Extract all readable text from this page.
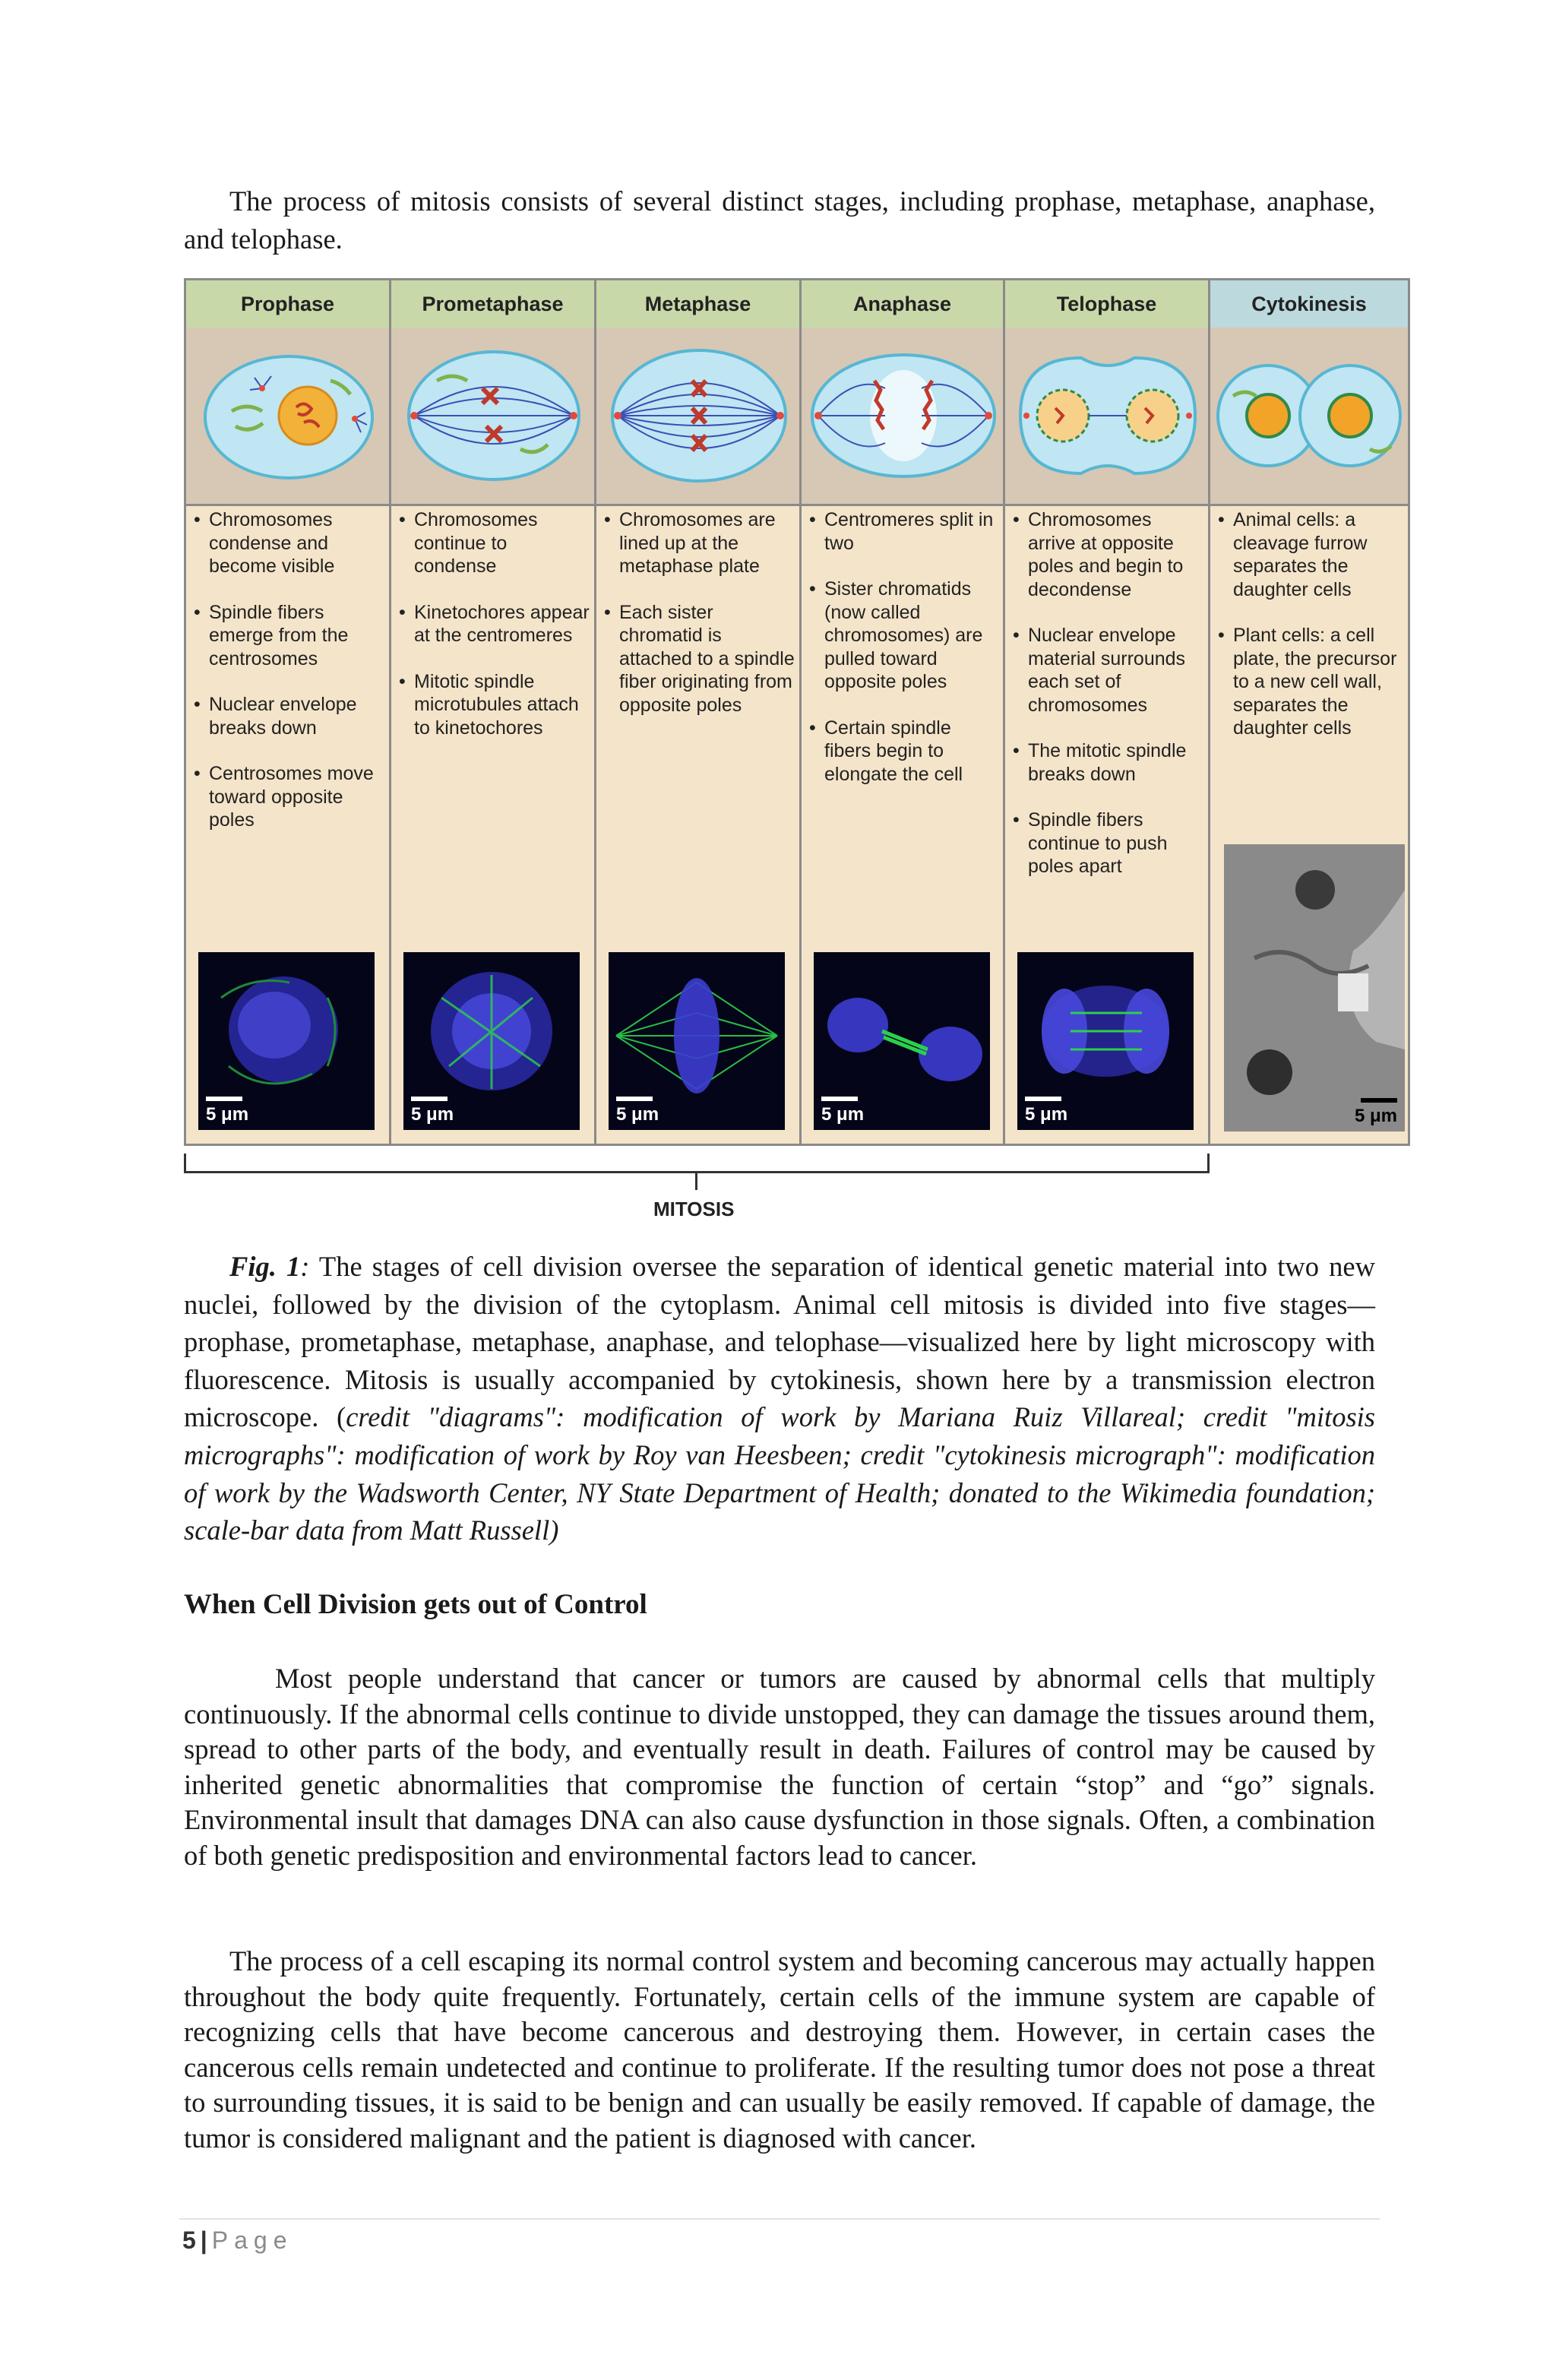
The process of mitosis consists of several distinct stages, including prophase, metaphase, anaphase, and telophase.

Prophase
• Chromosomes condense and become visible
• Spindle fibers emerge from the centrosomes
• Nuclear envelope breaks down
• Centrosomes move toward opposite poles
5 μm
Prometaphase
• Chromosomes continue to condense
• Kinetochores appear at the centromeres
• Mitotic spindle microtubules attach to kinetochores
5 μm
Metaphase
• Chromosomes are lined up at the metaphase plate
• Each sister chromatid is attached to a spindle fiber originating from opposite poles
5 μm
Anaphase
• Centromeres split in two
• Sister chromatids (now called chromosomes) are pulled toward opposite poles
• Certain spindle fibers begin to elongate the cell
5 μm
Telophase
• Chromosomes arrive at opposite poles and begin to decondense
• Nuclear envelope material surrounds each set of chromosomes
• The mitotic spindle breaks down
• Spindle fibers continue to push poles apart
5 μm
Cytokinesis
• Animal cells: a cleavage furrow separates the daughter cells
• Plant cells: a cell plate, the precursor to a new cell wall, separates the daughter cells
5 μm
MITOSIS

Fig. 1: The stages of cell division oversee the separation of identical genetic material into two new nuclei, followed by the division of the cytoplasm. Animal cell mitosis is divided into five stages—prophase, prometaphase, metaphase, anaphase, and telophase—visualized here by light microscopy with fluorescence. Mitosis is usually accompanied by cytokinesis, shown here by a transmission electron microscope. (credit "diagrams": modification of work by Mariana Ruiz Villareal; credit "mitosis micrographs": modification of work by Roy van Heesbeen; credit "cytokinesis micrograph": modification of work by the Wadsworth Center, NY State Department of Health; donated to the Wikimedia foundation; scale-bar data from Matt Russell)

When Cell Division gets out of Control

Most people understand that cancer or tumors are caused by abnormal cells that multiply continuously. If the abnormal cells continue to divide unstopped, they can damage the tissues around them, spread to other parts of the body, and eventually result in death. Failures of control may be caused by inherited genetic abnormalities that compromise the function of certain “stop” and “go” signals. Environmental insult that damages DNA can also cause dysfunction in those signals. Often, a combination of both genetic predisposition and environmental factors lead to cancer.

The process of a cell escaping its normal control system and becoming cancerous may actually happen throughout the body quite frequently. Fortunately, certain cells of the immune system are capable of recognizing cells that have become cancerous and destroying them. However, in certain cases the cancerous cells remain undetected and continue to proliferate. If the resulting tumor does not pose a threat to surrounding tissues, it is said to be benign and can usually be easily removed. If capable of damage, the tumor is considered malignant and the patient is diagnosed with cancer.

5 | Page
